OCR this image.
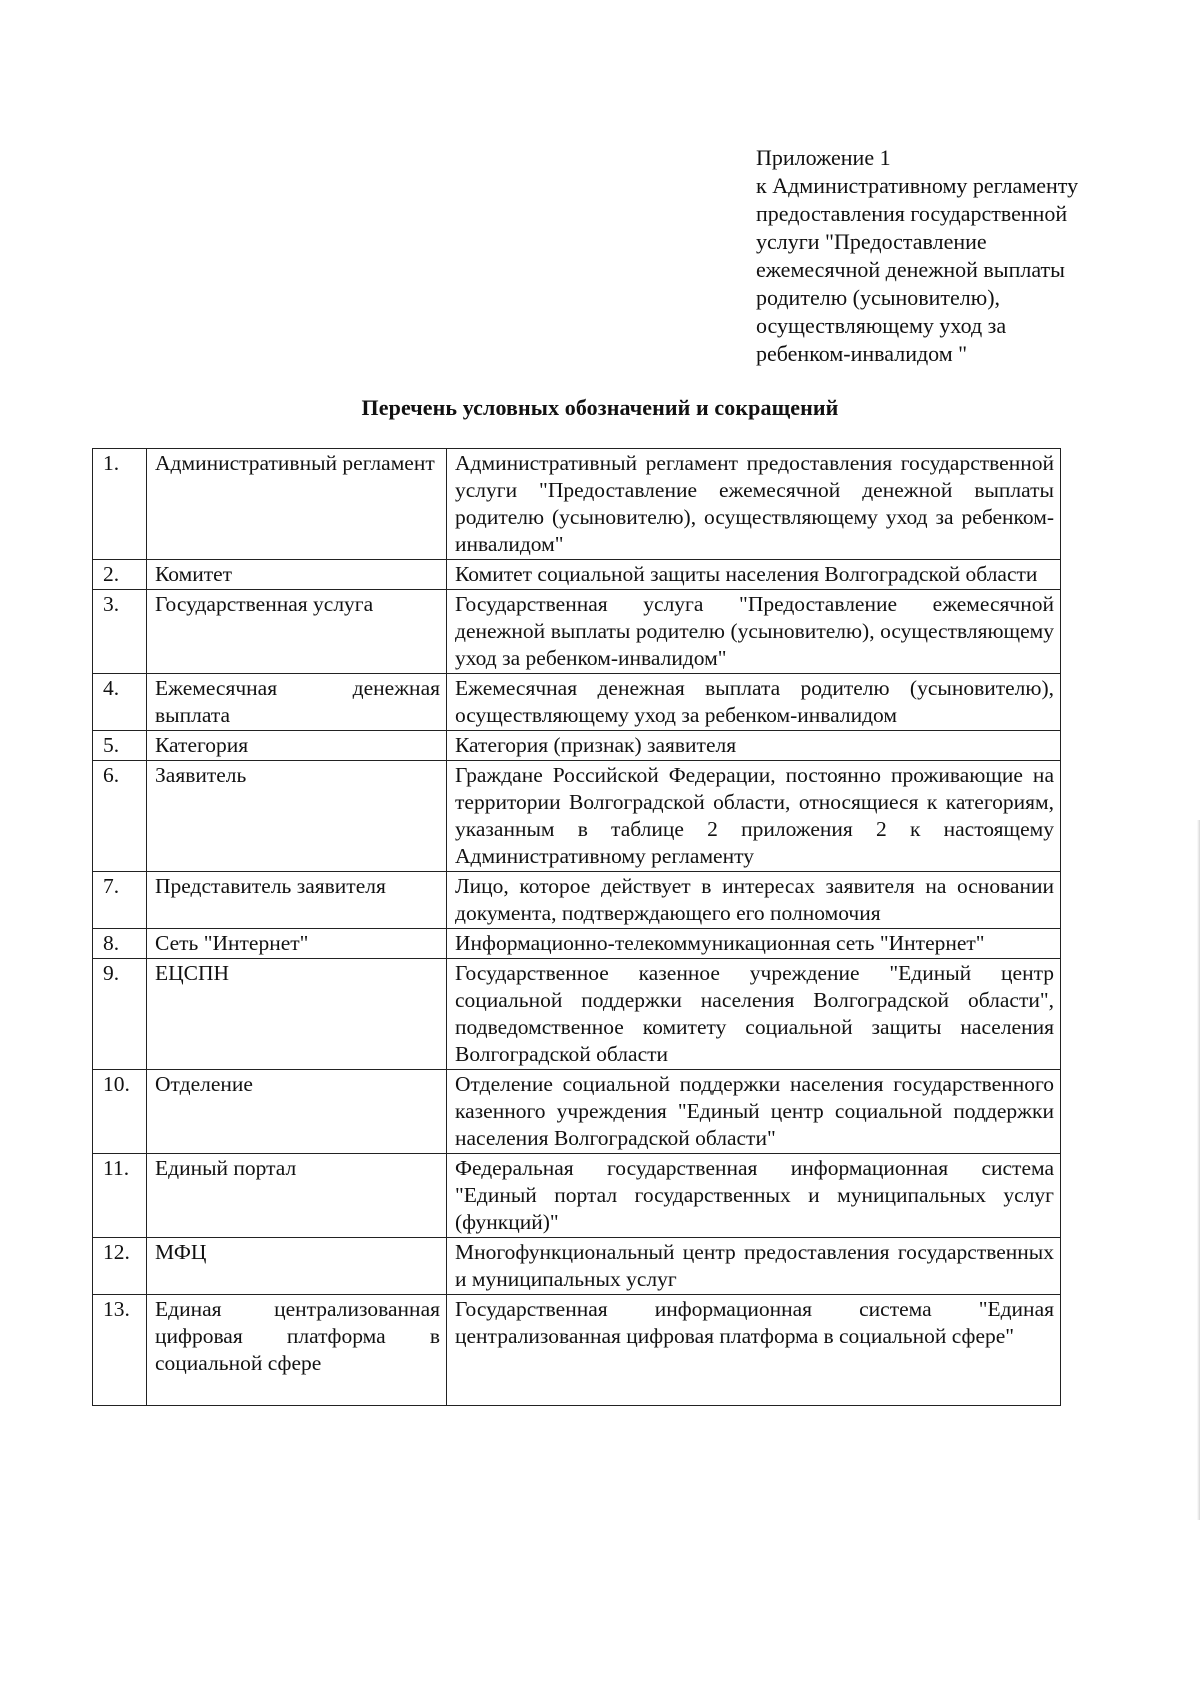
Приложение 1
к Административному регламенту
предоставления государственной
услуги "Предоставление
ежемесячной денежной выплаты
родителю (усыновителю),
осуществляющему уход за
ребенком-инвалидом "
Перечень условных обозначений и сокращений
1.	Административный регламент	Административный регламент предоставления государственной услуги "Предоставление ежемесячной денежной выплаты родителю (усыновителю), осуществляющему уход за ребенком-инвалидом"
2.	Комитет	Комитет социальной защиты населения Волгоградской области
3.	Государственная услуга	Государственная услуга "Предоставление ежемесячной денежной выплаты родителю (усыновителю), осуществляющему уход за ребенком-инвалидом"
4.	Ежемесячная денежная выплата	Ежемесячная денежная выплата родителю (усыновителю), осуществляющему уход за ребенком-инвалидом
5.	Категория	Категория (признак) заявителя
6.	Заявитель	Граждане Российской Федерации, постоянно проживающие на территории Волгоградской области, относящиеся к категориям, указанным в таблице 2 приложения 2 к настоящему Административному регламенту
7.	Представитель заявителя	Лицо, которое действует в интересах заявителя на основании документа, подтверждающего его полномочия
8.	Сеть "Интернет"	Информационно-телекоммуникационная сеть "Интернет"
9.	ЕЦСПН	Государственное казенное учреждение "Единый центр социальной поддержки населения Волгоградской области", подведомственное комитету социальной защиты населения Волгоградской области
10.	Отделение	Отделение социальной поддержки населения государственного казенного учреждения "Единый центр социальной поддержки населения Волгоградской области"
11.	Единый портал	Федеральная государственная информационная система "Единый портал государственных и муниципальных услуг (функций)"
12.	МФЦ	Многофункциональный центр предоставления государственных и муниципальных услуг
13.	Единая централизованная цифровая платформа в социальной сфере	Государственная информационная система "Единая централизованная цифровая платформа в социальной сфере"
